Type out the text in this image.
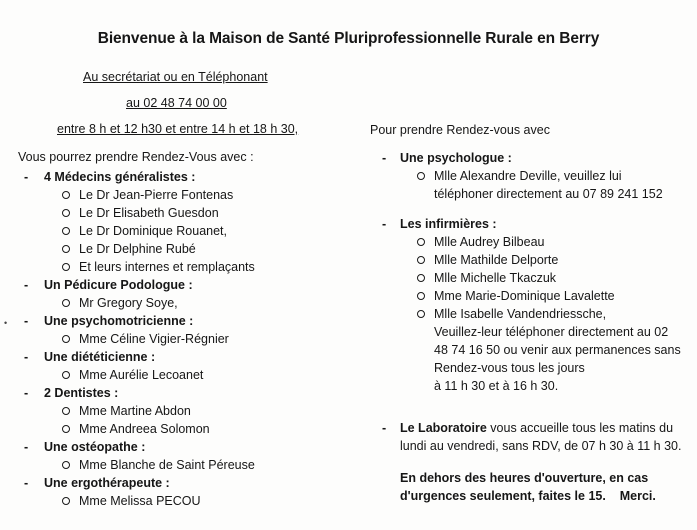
Bienvenue à la Maison de Santé Pluriprofessionnelle Rurale en Berry
Au secrétariat ou en Téléphonant
au 02 48 74 00 00
entre 8 h et 12 h30 et entre 14 h et 18 h 30,
Vous pourrez prendre Rendez-Vous avec :
- 4 Médecins généralistes :
Le Dr Jean-Pierre Fontenas
Le Dr Elisabeth Guesdon
Le Dr Dominique Rouanet,
Le Dr Delphine Rubé
Et leurs internes et remplaçants
- Un Pédicure Podologue :
Mr Gregory Soye,
- Une psychomotricienne :
Mme Céline Vigier-Régnier
- Une diététicienne :
Mme Aurélie Lecoanet
- 2 Dentistes :
Mme Martine Abdon
Mme Andreea Solomon
- Une ostéopathe :
Mme Blanche de Saint Péreuse
- Une ergothérapeute :
Mme Melissa PECOU
Pour prendre Rendez-vous avec
- Une psychologue :
Mlle Alexandre Deville, veuillez lui
téléphoner directement au 07 89 241 152
- Les infirmières :
Mlle Audrey Bilbeau
Mlle Mathilde Delporte
Mlle Michelle Tkaczuk
Mme Marie-Dominique Lavalette
Mlle Isabelle Vandendriessche,
Veuillez-leur téléphoner directement au 02
48 74 16 50 ou venir aux permanences sans
Rendez-vous tous les jours
à 11 h 30 et à 16 h 30.
- Le Laboratoire vous accueille tous les matins du
lundi au vendredi, sans RDV, de 07 h 30 à 11 h 30.
En dehors des heures d'ouverture, en cas
d'urgences seulement, faites le 15.    Merci.
•
